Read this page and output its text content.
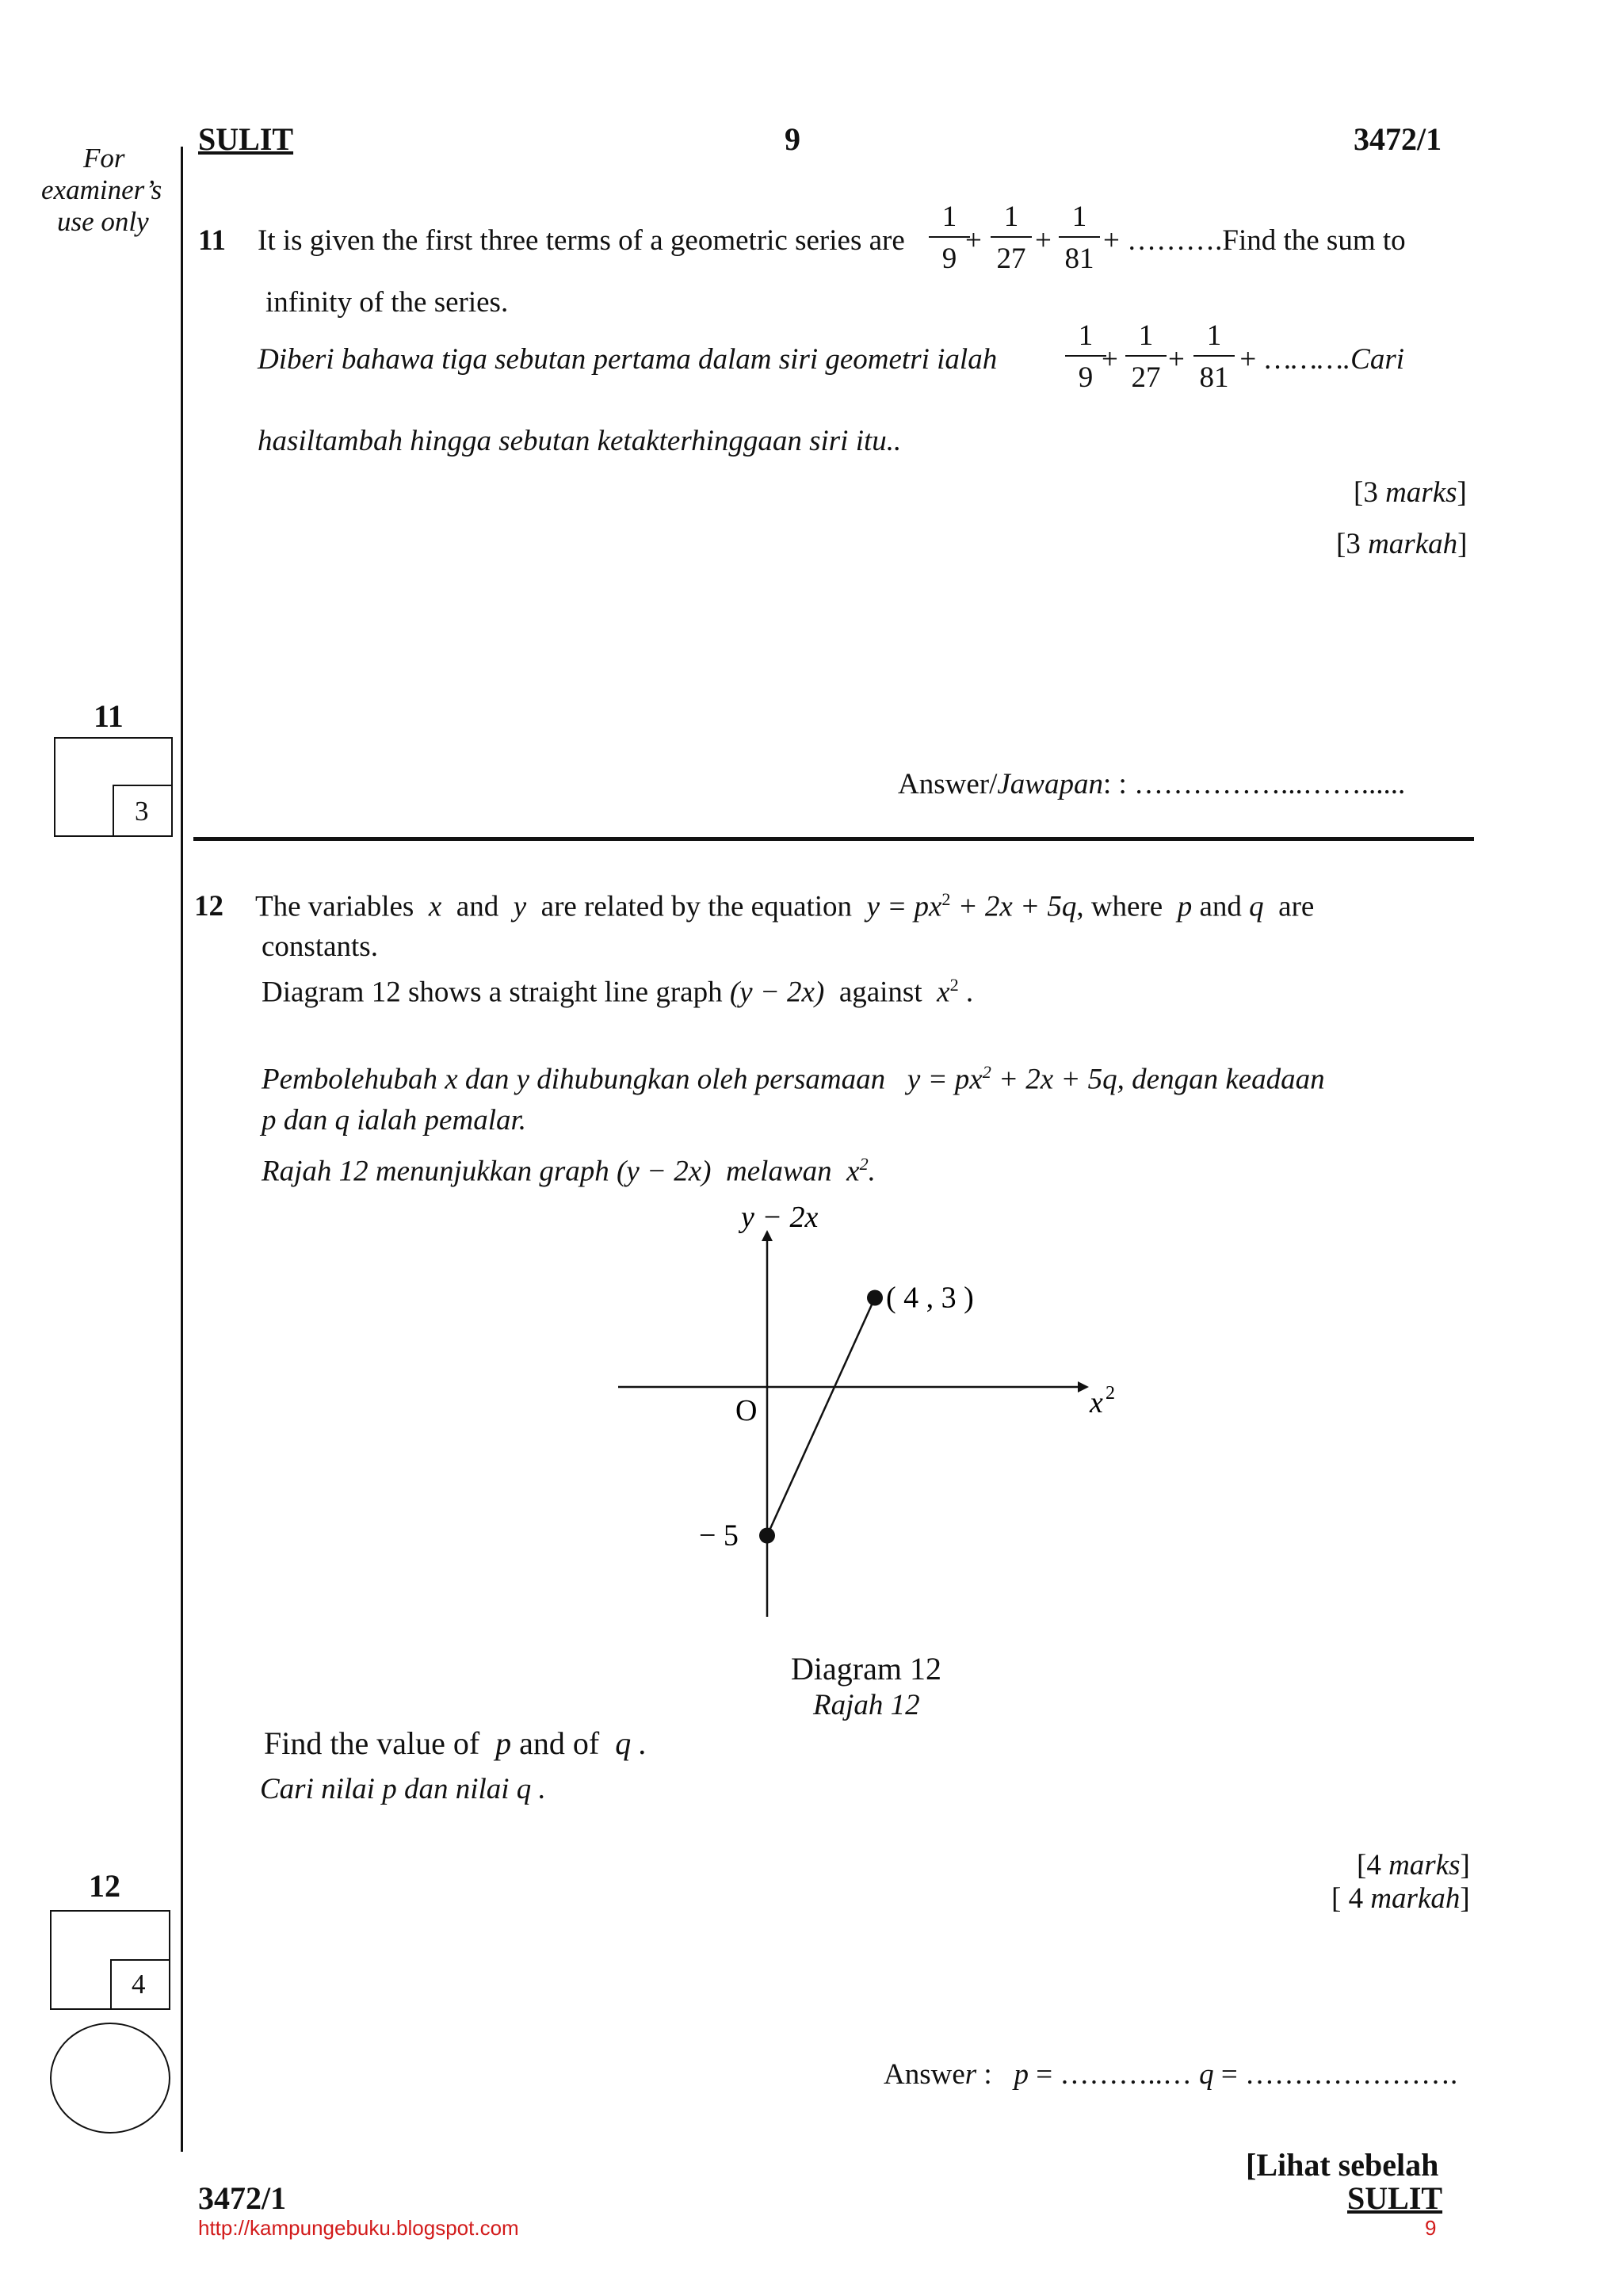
For
examiner’s
use only
SULIT	9	3472/1
11 It is given the first three terms of a geometric series are
1
9
+
1
27
+
1
81
+ ……….Find the sum to
infinity of the series.
Diberi bahawa tiga sebutan pertama dalam siri geometri ialah
1
9
+
1
27
+
1
81
+ ……….Cari
hasiltambah hingga sebutan ketakterhinggaan siri itu..
[3 marks]
[3 markah]
11
3
Answer/Jawapan: : ……………...……......
12 The variables x and y are related by the equation $y = px^2 + 2x + 5q$, where p and q are
constants.
Diagram 12 shows a straight line graph (y − 2x) against $x^2$ .
Pembolehubah x dan y dihubungkan oleh persamaan $y = px^2 + 2x + 5q$, dengan keadaan
p dan q ialah pemalar.
Rajah 12 menunjukkan graph (y − 2x) melawan $x^2$.
y − 2x
x 2
O
( 4 , 3 )
− 5
Diagram 12
Rajah 12
Find the value of p and of q .
Cari nilai p dan nilai q .
[4 marks]
[ 4 markah]
12
4
Answer :   p = ………..… q = ………………….
[Lihat sebelah
3472/1	SULIT
http://kampungebuku.blogspot.com	9
